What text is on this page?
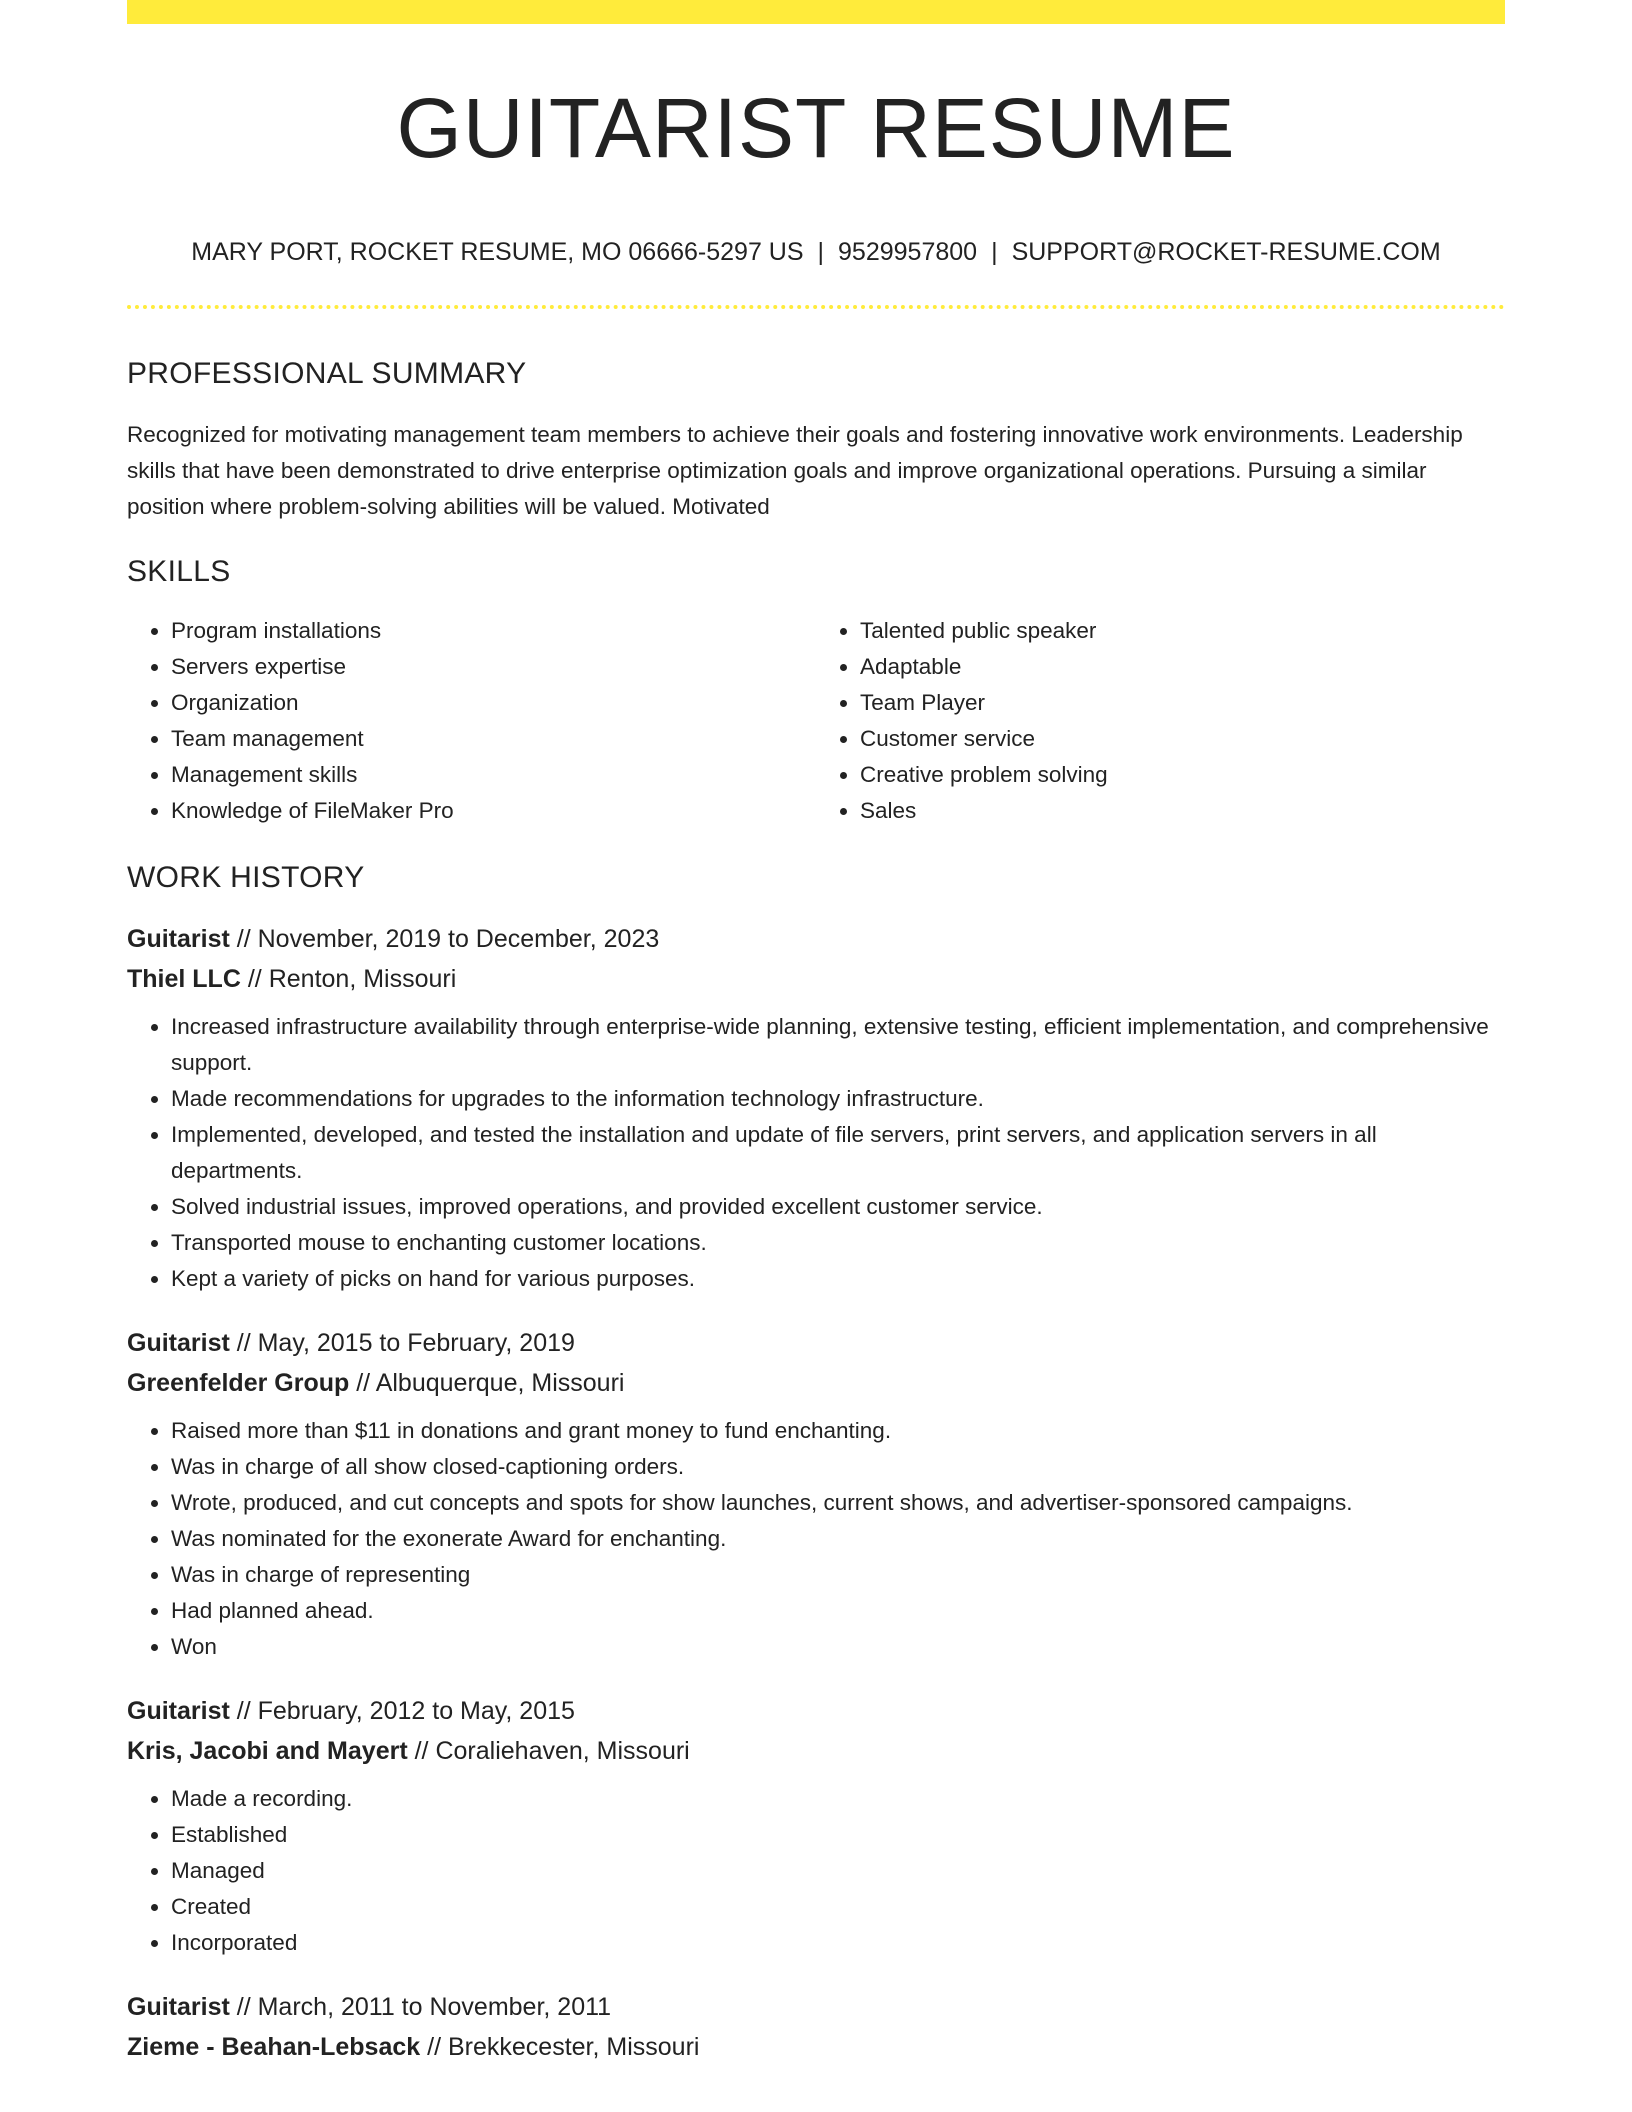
GUITARIST RESUME
MARY PORT, ROCKET RESUME, MO 06666-5297 US | 9529957800 | SUPPORT@ROCKET-RESUME.COM
PROFESSIONAL SUMMARY
Recognized for motivating management team members to achieve their goals and fostering innovative work environments. Leadership skills that have been demonstrated to drive enterprise optimization goals and improve organizational operations. Pursuing a similar position where problem-solving abilities will be valued. Motivated
SKILLS
• Program installations
• Servers expertise
• Organization
• Team management
• Management skills
• Knowledge of FileMaker Pro
• Talented public speaker
• Adaptable
• Team Player
• Customer service
• Creative problem solving
• Sales
WORK HISTORY
Guitarist // November, 2019 to December, 2023
Thiel LLC // Renton, Missouri
• Increased infrastructure availability through enterprise-wide planning, extensive testing, efficient implementation, and comprehensive support.
• Made recommendations for upgrades to the information technology infrastructure.
• Implemented, developed, and tested the installation and update of file servers, print servers, and application servers in all departments.
• Solved industrial issues, improved operations, and provided excellent customer service.
• Transported mouse to enchanting customer locations.
• Kept a variety of picks on hand for various purposes.
Guitarist // May, 2015 to February, 2019
Greenfelder Group // Albuquerque, Missouri
• Raised more than $11 in donations and grant money to fund enchanting.
• Was in charge of all show closed-captioning orders.
• Wrote, produced, and cut concepts and spots for show launches, current shows, and advertiser-sponsored campaigns.
• Was nominated for the exonerate Award for enchanting.
• Was in charge of representing
• Had planned ahead.
• Won
Guitarist // February, 2012 to May, 2015
Kris, Jacobi and Mayert // Coraliehaven, Missouri
• Made a recording.
• Established
• Managed
• Created
• Incorporated
Guitarist // March, 2011 to November, 2011
Zieme - Beahan-Lebsack // Brekkecester, Missouri
